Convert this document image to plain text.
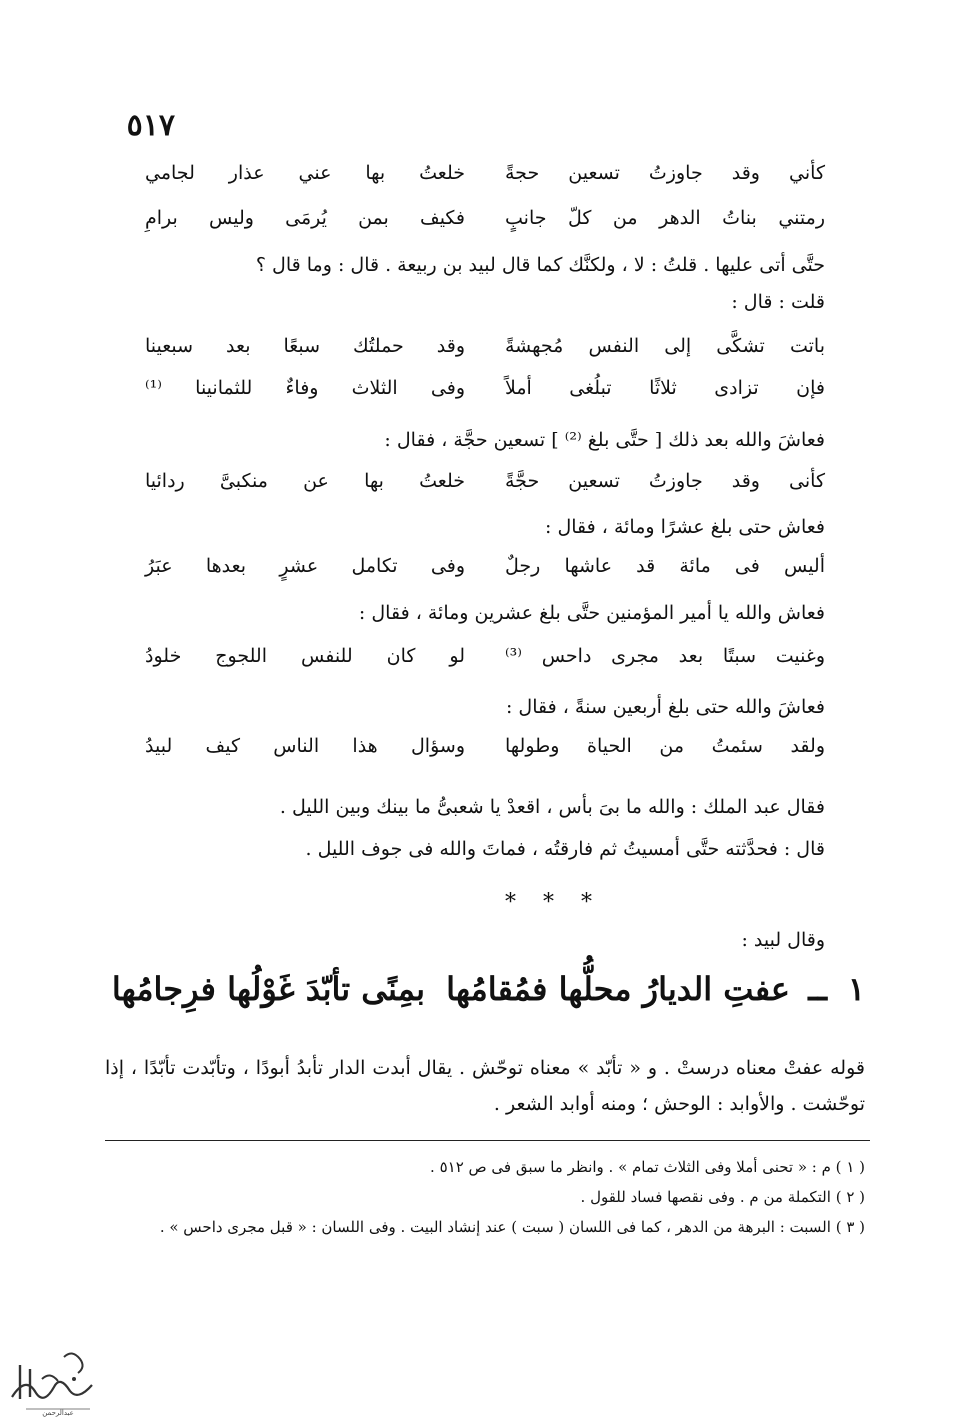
٥١٧
كأني وقد جاوزتُ تسعين حجةً
خلعتُ بها عني عذار لجامي
رمتني بناتُ الدهر من كلّ جانبٍ
فكيف بمن يُرمَى وليس برامِ
حتَّى أتى عليها . قلتُ : لا ، ولكنَّك كما قال لبيد بن ربيعة . قال : وما قال ؟
قلت : قال :
باتت تشكَّى إلى النفس مُجهشةً
وقد حملتُك سبعًا بعد سبعينا
فإن تزادى ثلاثًا تبلُغى أملاً
وفى الثلاث وفاءٌ للثمانينا ⁽¹⁾
فعاشَ والله بعد ذلك [ حتَّى بلغ ⁽²⁾ ] تسعين حجَّة ، فقال :
كأنى وقد جاوزتُ تسعين حجَّةً
خلعتُ بها عن منكبىَّ ردائيا
فعاش حتى بلغ عشرًا ومائة ، فقال :
أليس فى مائة قد عاشها رجلٌ
وفى تكامل عشرٍ بعدها عبَرُ
فعاش والله يا أمير المؤمنين حتَّى بلغ عشرين ومائة ، فقال :
وغنيت سبتًا بعد مجرى داحس ⁽³⁾
لو كان للنفس اللجوج خلودُ
فعاشَ والله حتى بلغ أربعين سنةً ، فقال :
ولقد سئمتُ من الحياة وطولها
وسؤال هذا الناس كيف لبيدُ
فقال عبد الملك : والله ما بىَ بأس ، اقعدْ يا شعبىُّ ما بينك وبين الليل .
قال : فحدَّثته حتَّى أمسيتُ ثم فارقتُه ، فماتَ والله فى جوف الليل .
* * *
وقال لبيد :
١
ــ
عفتِ الديارُ محلُّها فمُقامُها
بمِنًى تأبّدَ غَوْلُها فرِجامُها
قوله عفتْ معناه درستْ . و « تأبّد » معناه توحّش . يقال أبدت الدار تأبدُ أبودًا ، وتأبّدت تأبّدًا ، إذا توحّشت . والأوابد : الوحش ؛ ومنه أوابد الشعر .
( ١ ) م : « تحنى أملا وفى الثلاث تمام » . وانظر ما سبق فى ص ٥١٢ .
( ٢ ) التكملة من م . وفى نقصها فساد للقول .
( ٣ ) السبت : البرهة من الدهر ، كما فى اللسان ( سبت ) عند إنشاد البيت . وفى اللسان : « قبل مجرى داحس » .
عبدالرحمن
